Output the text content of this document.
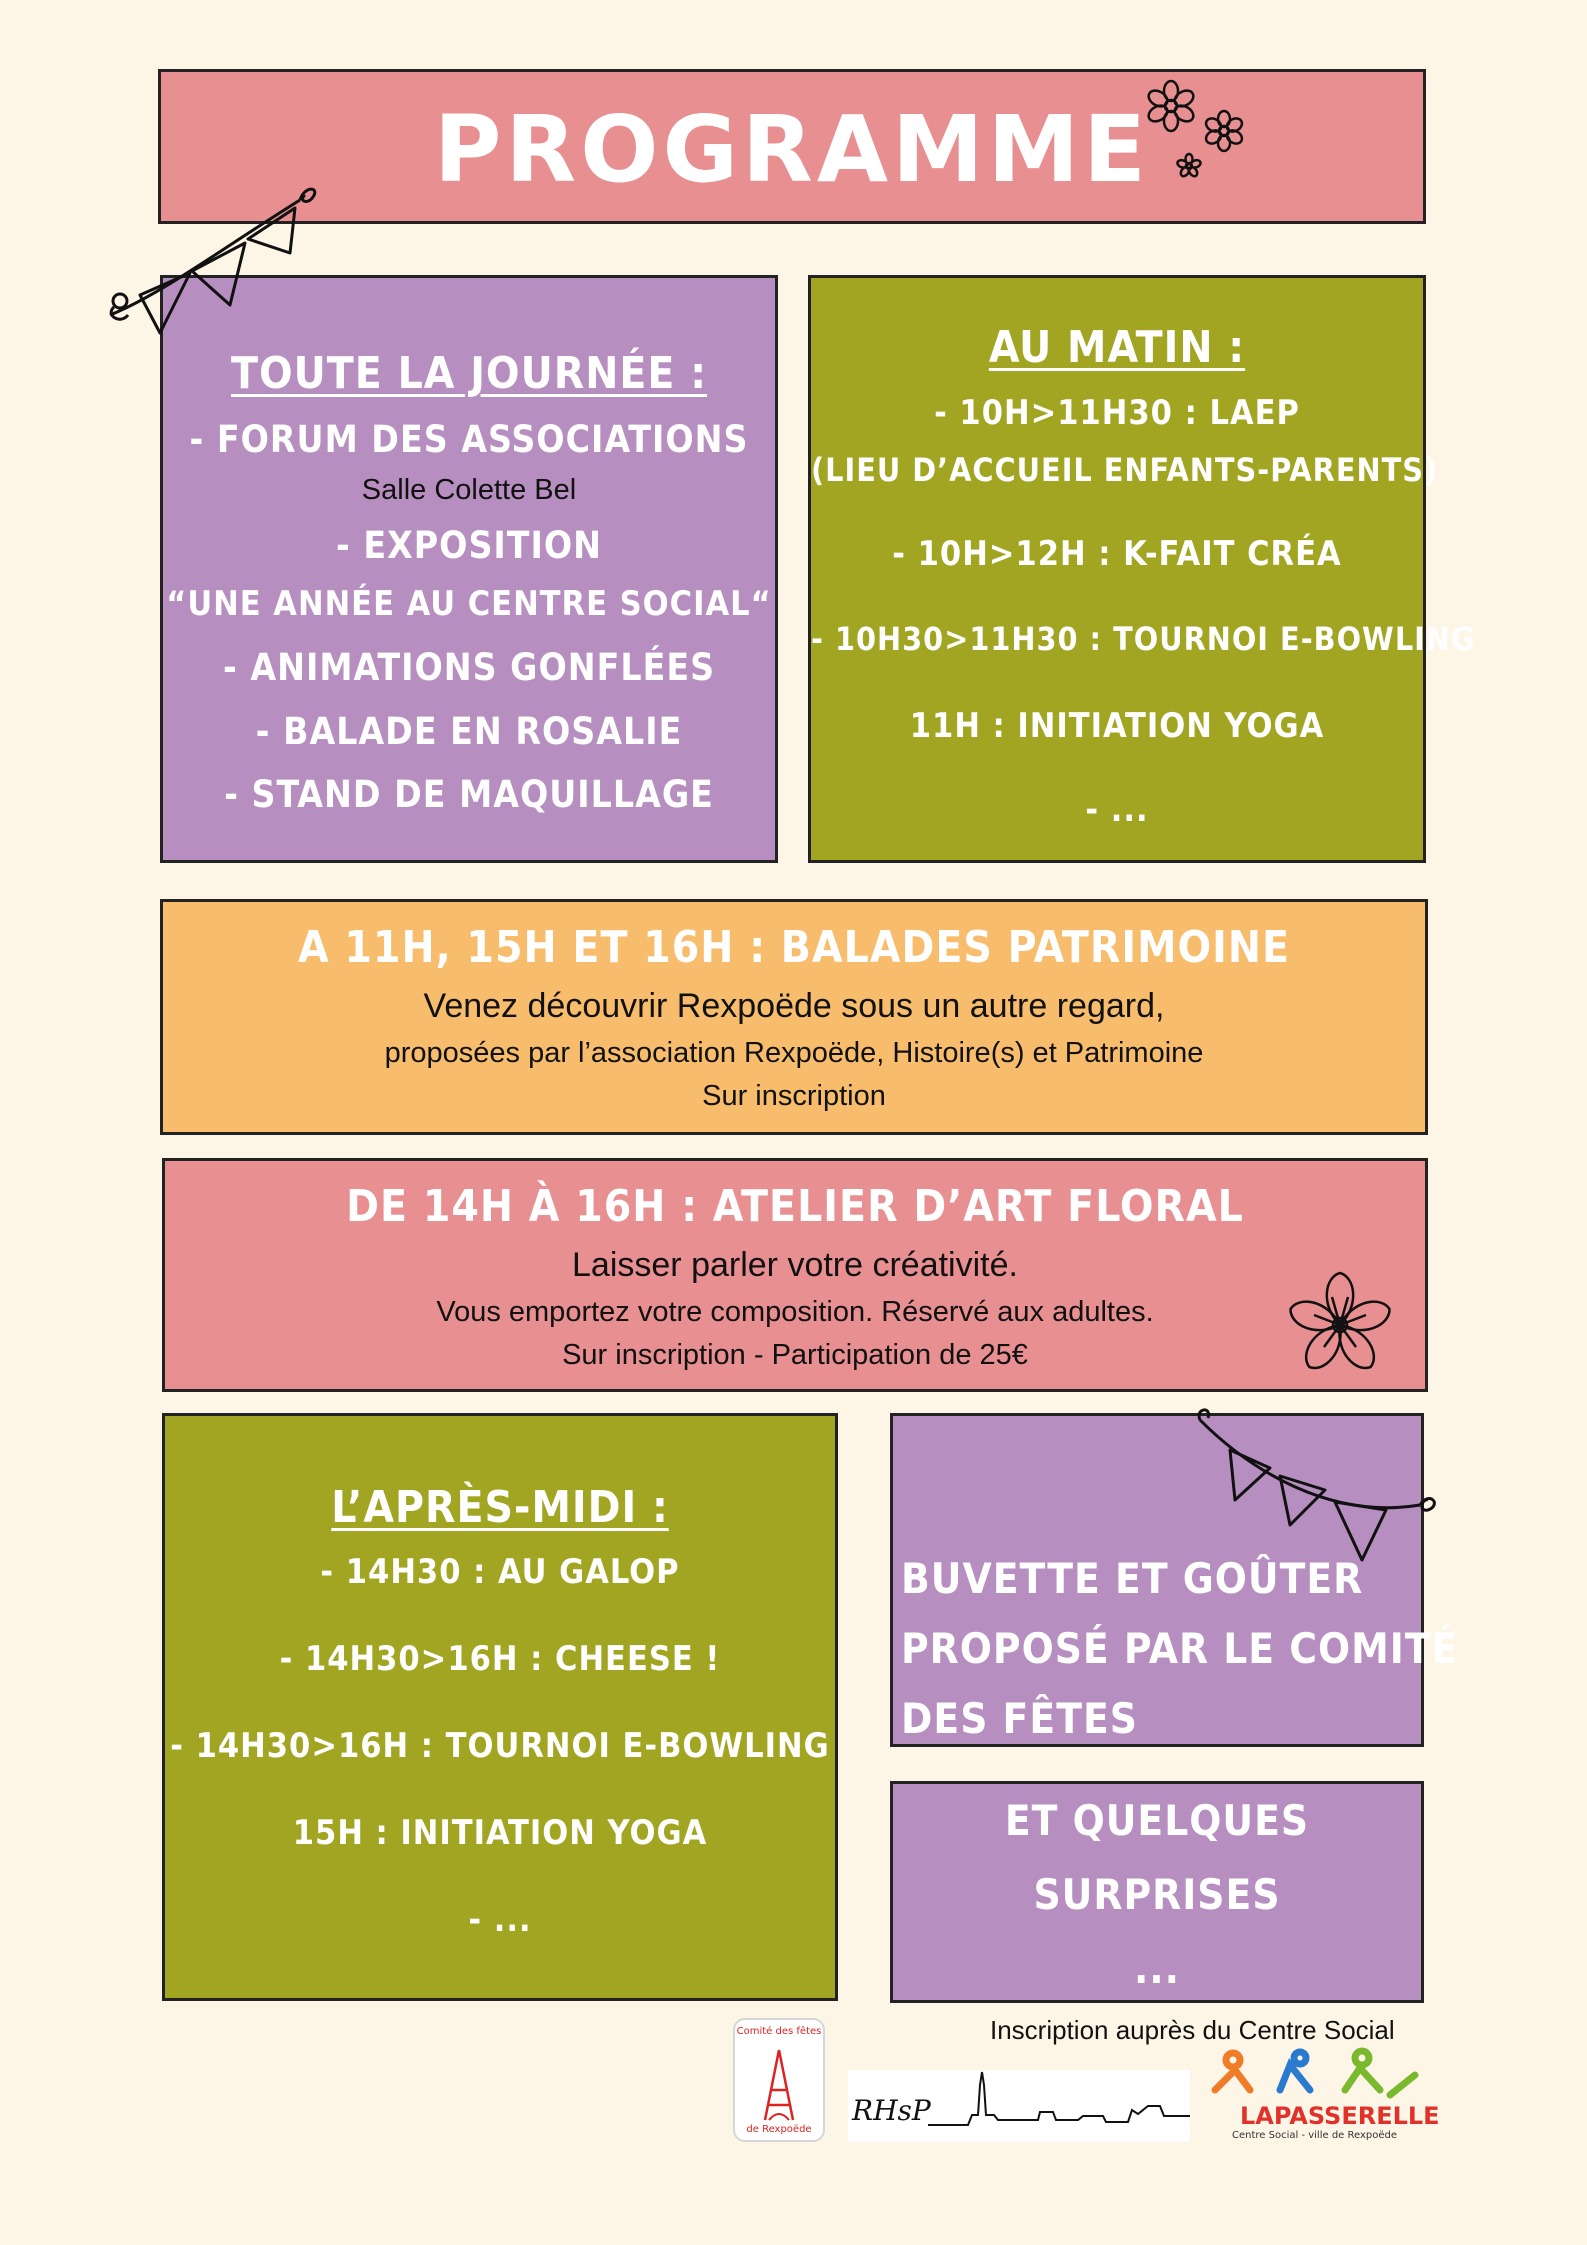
PROGRAMME
TOUTE LA JOURNÉE :
- FORUM DES ASSOCIATIONS
Salle Colette Bel
- EXPOSITION
“UNE ANNÉE AU CENTRE SOCIAL“
- ANIMATIONS GONFLÉES
- BALADE EN ROSALIE
- STAND DE MAQUILLAGE
AU MATIN :
- 10H>11H30 : LAEP
(LIEU D’ACCUEIL ENFANTS-PARENTS)
- 10H>12H : K-FAIT CRÉA
- 10H30>11H30 : TOURNOI E-BOWLING
11H : INITIATION YOGA
- ...
A 11H, 15H ET 16H : BALADES PATRIMOINE
Venez découvrir Rexpoëde sous un autre regard,
proposées par l’association Rexpoëde, Histoire(s) et Patrimoine
Sur inscription
DE 14H À 16H : ATELIER D’ART FLORAL
Laisser parler votre créativité.
Vous emportez votre composition. Réservé aux adultes.
Sur inscription - Participation de 25€
L’APRÈS-MIDI :
- 14H30 : AU GALOP
- 14H30>16H : CHEESE !
- 14H30>16H : TOURNOI E-BOWLING
15H : INITIATION YOGA
- ...
BUVETTE ET GOÛTER
PROPOSÉ PAR LE COMITÉ
DES FÊTES
ET QUELQUES
SURPRISES
...
Inscription auprès du Centre Social
Comité des fêtes
de Rexpoëde
RHsP	LAPASSERELLE
Centre Social - ville de Rexpoëde
